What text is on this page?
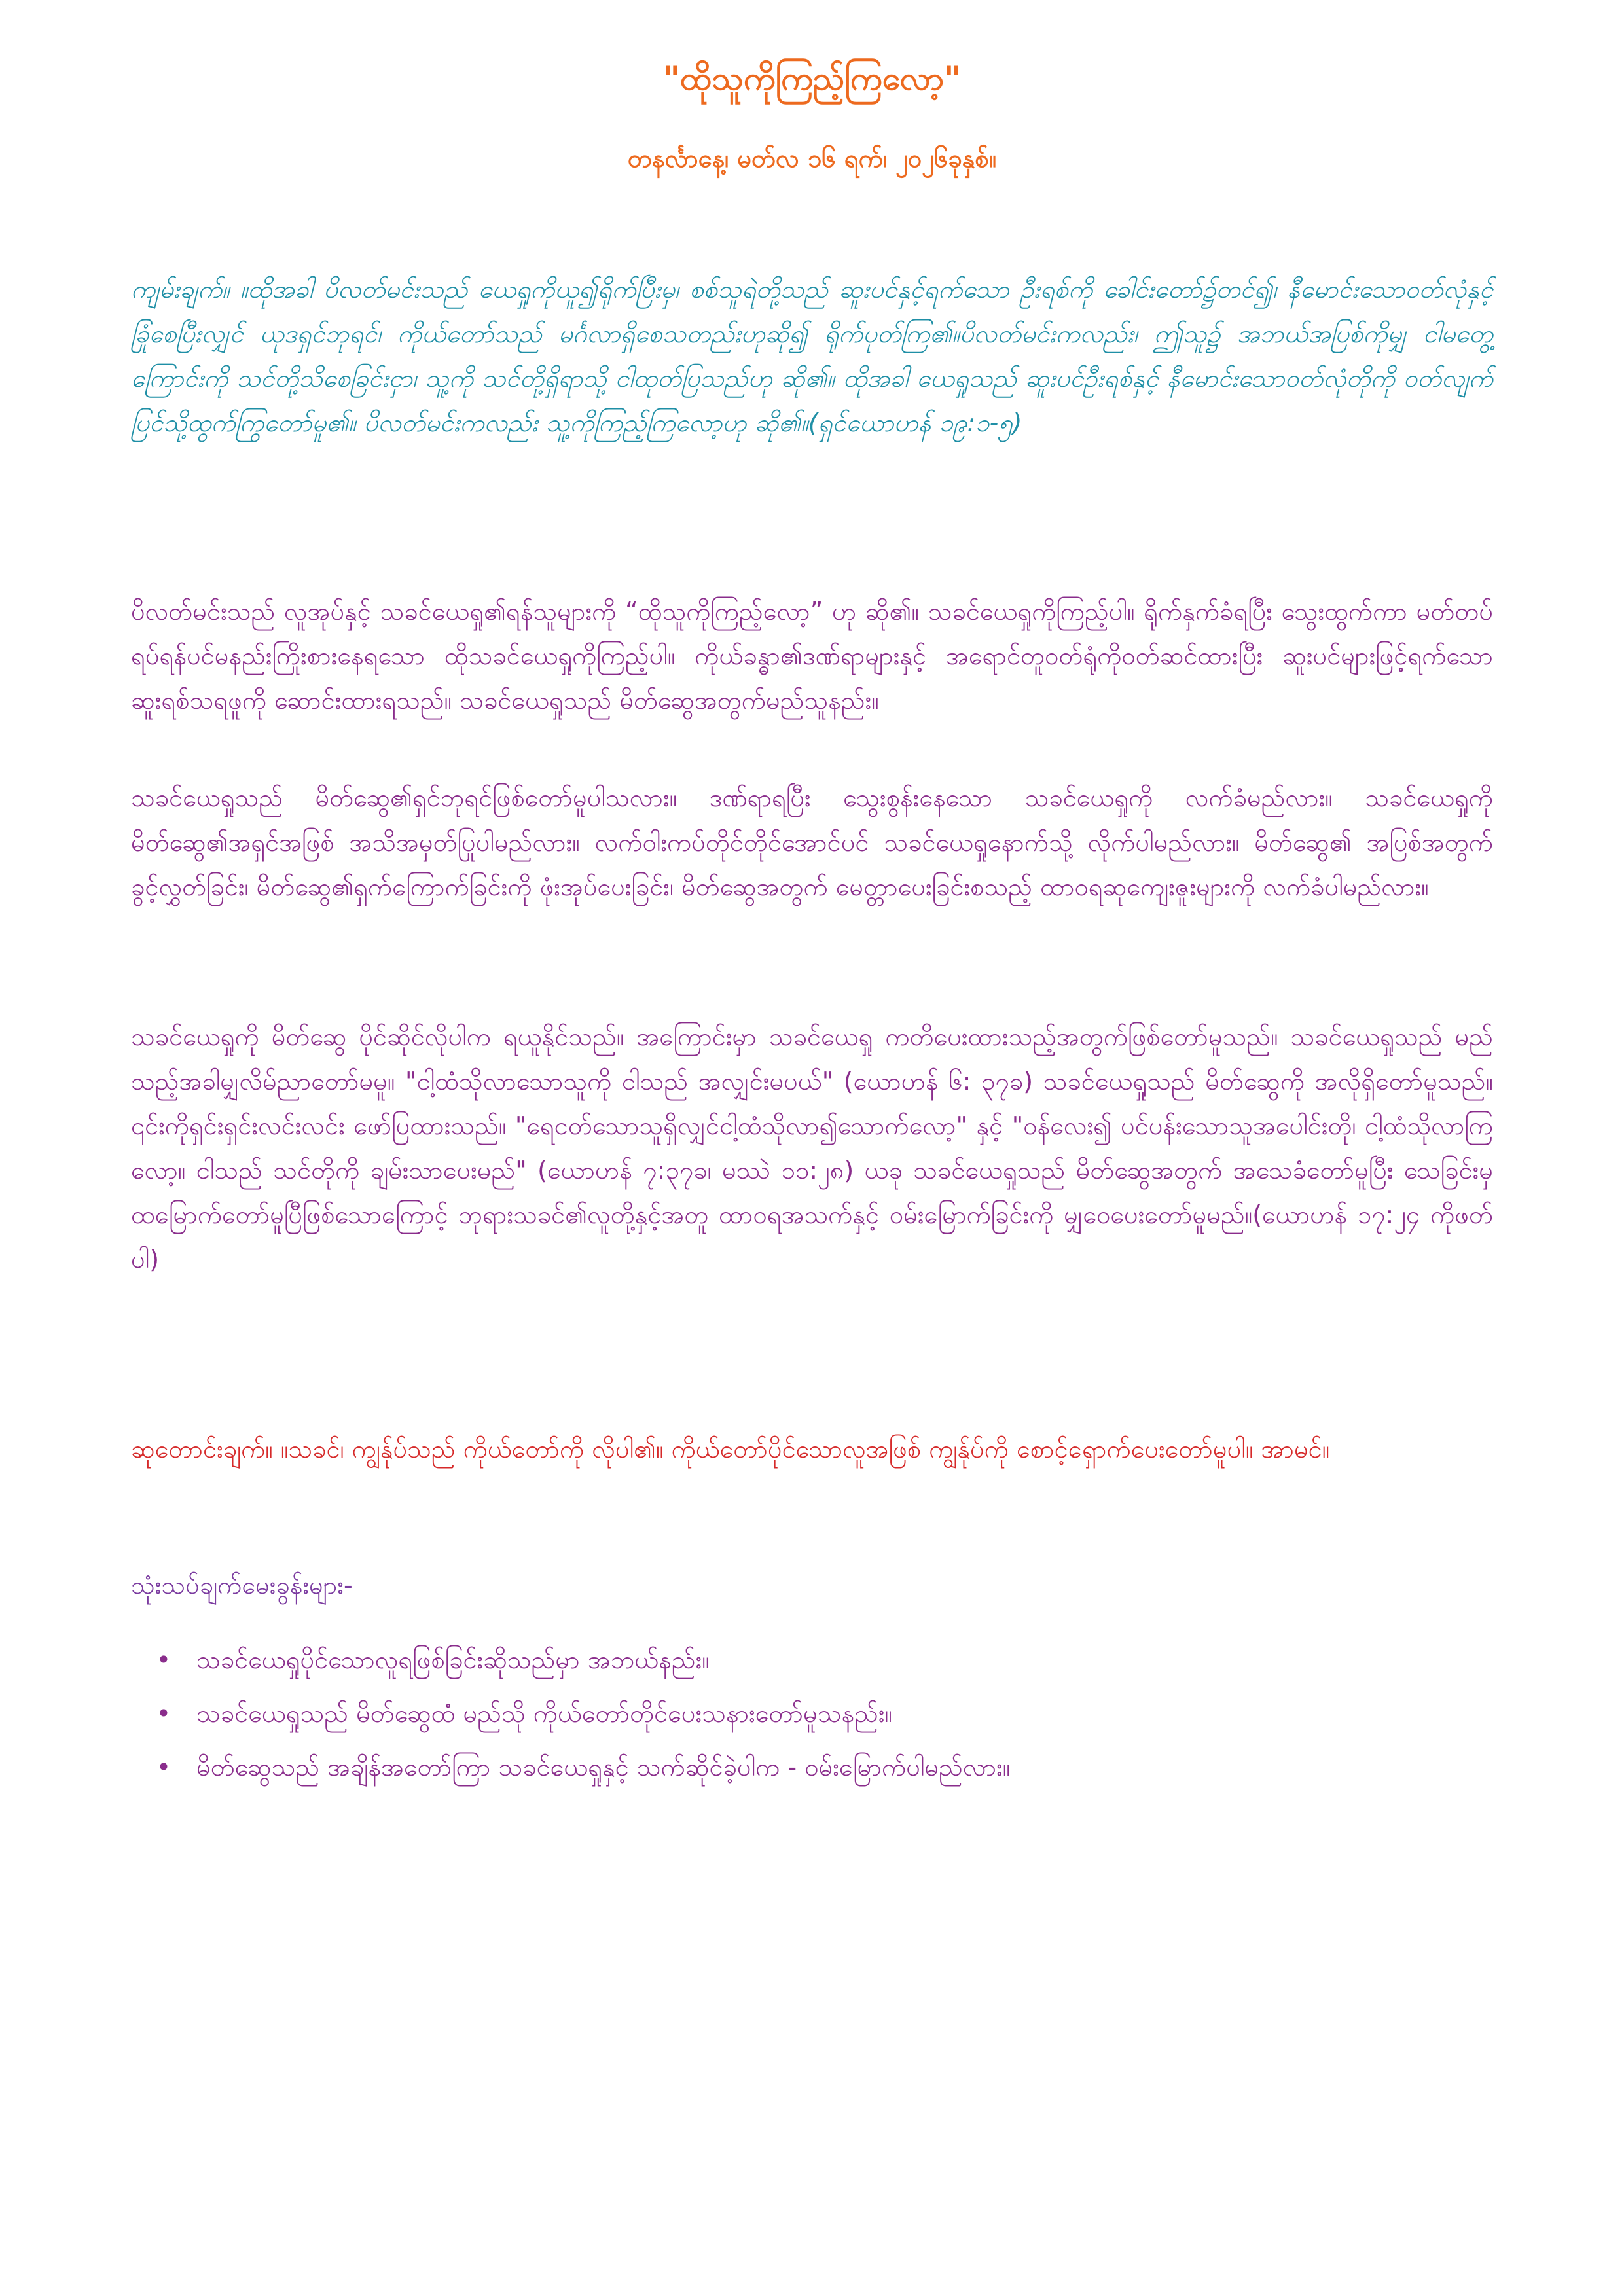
"ထိုသူကိုကြည့်ကြလော့"
တနင်္လာနေ့၊ မတ်လ ၁၆ ရက်၊ ၂၀၂၆ခုနှစ်။

ကျမ်းချက်။ ။ထိုအခါ ပိလတ်မင်းသည် ယေရှုကိုယူ၍ရိုက်ပြီးမှ၊ စစ်သူရဲတို့သည် ဆူးပင်နှင့်ရက်သော ဦးရစ်ကို ခေါင်းတော်၌တင်၍၊ နီမောင်းသောဝတ်လုံနှင့် ခြုံစေပြီးလျှင် ယုဒရှင်ဘုရင်၊ ကိုယ်တော်သည် မင်္ဂလာရှိစေသတည်းဟုဆို၍ ရိုက်ပုတ်ကြ၏။ပိလတ်မင်းကလည်း၊ ဤသူ၌ အဘယ်အပြစ်ကိုမျှ ငါမတွေ့ကြောင်းကို သင်တို့သိစေခြင်းငှာ၊ သူ့ကို သင်တို့ရှိရာသို့ ငါထုတ်ပြသည်ဟု ဆို၏။ ထိုအခါ ယေရှုသည် ဆူးပင်ဦးရစ်နှင့် နီမောင်းသောဝတ်လုံတိုကို ဝတ်လျက် ပြင်သို့ထွက်ကြွတော်မူ၏။ ပိလတ်မင်းကလည်း သူ့ကိုကြည့်ကြလော့ဟု ဆို၏။(ရှင်ယောဟန် ၁၉:၁-၅)

ပိလတ်မင်းသည် လူအုပ်နှင့် သခင်ယေရှု၏ရန်သူများကို “ထိုသူကိုကြည့်လော့” ဟု ဆို၏။ သခင်ယေရှုကိုကြည့်ပါ။ ရိုက်နှက်ခံရပြီး သွေးထွက်ကာ မတ်တပ်ရပ်ရန်ပင်မနည်းကြိုးစားနေရသော ထိုသခင်ယေရှုကိုကြည့်ပါ။ ကိုယ်ခန္ဓာ၏ဒဏ်ရာများနှင့် အရောင်တူဝတ်ရုံကိုဝတ်ဆင်ထားပြီး ဆူးပင်များဖြင့်ရက်သောဆူးရစ်သရဖူကို ဆောင်းထားရသည်။ သခင်ယေရှုသည် မိတ်ဆွေအတွက်မည်သူနည်း။

သခင်ယေရှုသည် မိတ်ဆွေ၏ရှင်ဘုရင်ဖြစ်တော်မူပါသလား။ ဒဏ်ရာရပြီး သွေးစွန်းနေသော သခင်ယေရှုကို လက်ခံမည်လား။ သခင်ယေရှုကို မိတ်ဆွေ၏အရှင်အဖြစ် အသိအမှတ်ပြုပါမည်လား။ လက်ဝါးကပ်တိုင်တိုင်အောင်ပင် သခင်ယေရှုနောက်သို့ လိုက်ပါမည်လား။ မိတ်ဆွေ၏ အပြစ်အတွက် ခွင့်လွှတ်ခြင်း၊ မိတ်ဆွေ၏ရှက်ကြောက်ခြင်းကို ဖုံးအုပ်ပေးခြင်း၊ မိတ်ဆွေအတွက် မေတ္တာပေးခြင်းစသည့် ထာဝရဆုကျေးဇူးများကို လက်ခံပါမည်လား။

သခင်ယေရှုကို မိတ်ဆွေ ပိုင်ဆိုင်လိုပါက ရယူနိုင်သည်။ အကြောင်းမှာ သခင်ယေရှု ကတိပေးထားသည့်အတွက်ဖြစ်တော်မူသည်။ သခင်ယေရှုသည် မည်သည့်အခါမျှလိမ်ညာတော်မမူ။ "ငါ့ထံသိုလာသောသူကို ငါသည် အလျှင်းမပယ်" (ယောဟန် ၆: ၃၇ခ) သခင်ယေရှုသည် မိတ်ဆွေကို အလိုရှိတော်မူသည်။ ၎င်းကိုရှင်းရှင်းလင်းလင်း ဖော်ပြထားသည်။ "ရေငတ်သောသူရှိလျှင်ငါ့ထံသိုလာ၍သောက်လော့" နှင့် "ဝန်လေး၍ ပင်ပန်းသောသူအပေါင်းတို၊ ငါ့ထံသိုလာကြလော့။ ငါသည် သင်တိုကို ချမ်းသာပေးမည်" (ယောဟန် ၇:၃၇ခ၊ မဿဲ ၁၁:၂၈) ယခု သခင်ယေရှုသည် မိတ်ဆွေအတွက် အသေခံတော်မူပြီး သေခြင်းမှ ထမြောက်တော်မူပြီဖြစ်သောကြောင့် ဘုရားသခင်၏လူတို့နှင့်အတူ ထာဝရအသက်နှင့် ဝမ်းမြောက်ခြင်းကို မျှဝေပေးတော်မူမည်။(ယောဟန် ၁၇:၂၄ ကိုဖတ်ပါ)

ဆုတောင်းချက်။ ။သခင်၊ ကျွန်ုပ်သည် ကိုယ်တော်ကို လိုပါ၏။ ကိုယ်တော်ပိုင်သောလူအဖြစ် ကျွန်ုပ်ကို စောင့်ရှောက်ပေးတော်မူပါ။ အာမင်။

သုံးသပ်ချက်မေးခွန်းများ-
•	သခင်ယေရှုပိုင်သောလူရဖြစ်ခြင်းဆိုသည်မှာ အဘယ်နည်း။
•	သခင်ယေရှုသည် မိတ်ဆွေထံ မည်သို ကိုယ်တော်တိုင်ပေးသနားတော်မူသနည်း။
•	မိတ်ဆွေသည် အချိန်အတော်ကြာ သခင်ယေရှုနှင့် သက်ဆိုင်ခဲ့ပါက - ဝမ်းမြောက်ပါမည်လား။
